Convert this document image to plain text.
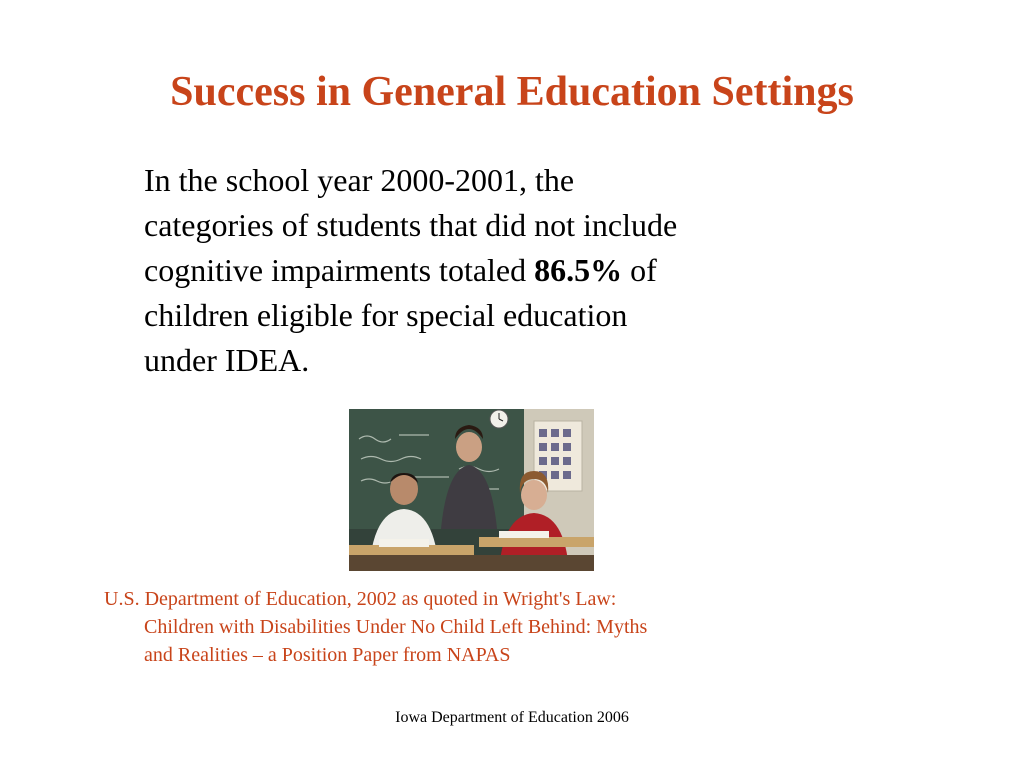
Success in General Education Settings
In the school year 2000-2001, the
categories of students that did not include
cognitive impairments totaled 86.5% of
children eligible for special education
under IDEA.
U.S. Department of Education, 2002 as quoted in Wright's Law:
Children with Disabilities Under No Child Left Behind: Myths
and Realities – a Position Paper from NAPAS
Iowa Department of Education 2006
